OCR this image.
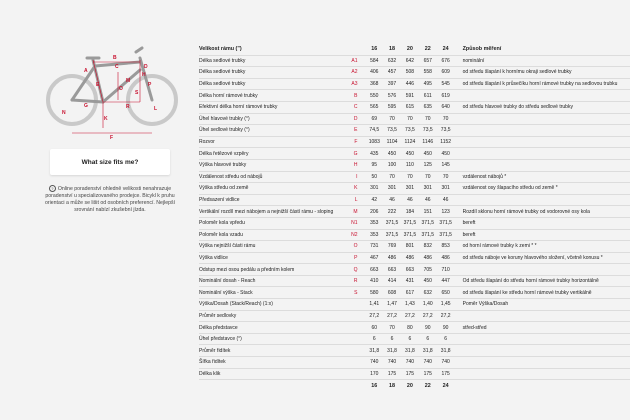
A
B
C	D
E
F
G
H
K
L
M
N
O
P
R
S
What size fits me?
? Online poradenství ohledně velikosti nenahrazuje poradenství u specializovaného prodejce. Bicykl k pruhu orientaci a může se lišit od osobních preferencí. Nejlepší srovnání nabízí zkušební jízda.
Velikost rámu (")		16	18	20	22	24	Způsob měření
Délka sedlové trubky	A1	584	632	642	657	676	nominální
Délka sedlové trubky	A2	406	457	508	558	609	od středu šlapání k hornímu okraji sedlové trubky
Délka sedlové trubky	A3	368	397	446	495	545	od středu šlapání k průsečíku horní rámové trubky na sedlovou trubku
Délka horní rámové trubky	B	550	576	591	611	619	
Efektivní délka horní rámové trubky	C	565	595	615	635	640	od středu hlavové trubky do středu sedlové trubky
Úhel hlavové trubky (°)	D	69	70	70	70	70	
Úhel sedlové trubky (°)	E	74,5	73,5	73,5	73,5	73,5	
Rozvor	F	1083	1104	1124	1146	1152	
Délka řetězové vzpěry	G	435	450	450	450	450	
Výška hlavové trubky	H	95	100	110	125	145	
Vzdálenost středu od nábojů	I	50	70	70	70	70	vzdálenost nábojů *
Výška středu od země	K	301	301	301	301	301	vzdálenost osy šlapacího středu od země *
Předsazení vidlice	L	42	46	46	46	46	
Vertikální rozdíl mezi nábojem a nejnižší částí rámu - sloping	M	206	222	184	151	123	Rozdíl sklonu horní rámové trubky od vodorovné osy kola
Poloměr kola vpředu	N1	353	371,5	371,5	371,5	371,5	bereft
Poloměr kola vzadu	N2	353	371,5	371,5	371,5	371,5	bereft
Výška nejnižší části rámu	O	731	769	801	832	853	od horní rámové trubky k zemi * *
Výška vidlice	P	467	486	486	486	486	od středu náboje ve koruny hlavového složení, včetně konusu *
Odstup mezi osou pedálu a předním kolem	Q	663	663	663	705	710	
Nominální dosah - Reach	R	410	414	431	450	447	Od středu šlapání do středu horní rámové trubky horizontálně
Nominální výška - Stack	S	580	608	617	632	650	od středu šlapání ke středu horní rámové trubky vertikálně
Výška/Dosah (Stack/Reach) (1:x)		1,41	1,47	1,43	1,40	1,45	Poměr Výška/Dosah
Průměr sedlovky		27,2	27,2	27,2	27,2	27,2	
Délka představce		60	70	80	90	90	střed-střed
Úhel představce (°)		6	6	6	6	6	
Průměr řidítek		31,8	31,8	31,8	31,8	31,8	
Šířka řidítek		740	740	740	740	740	
Délka klik		170	175	175	175	175	
		16	18	20	22	24	
